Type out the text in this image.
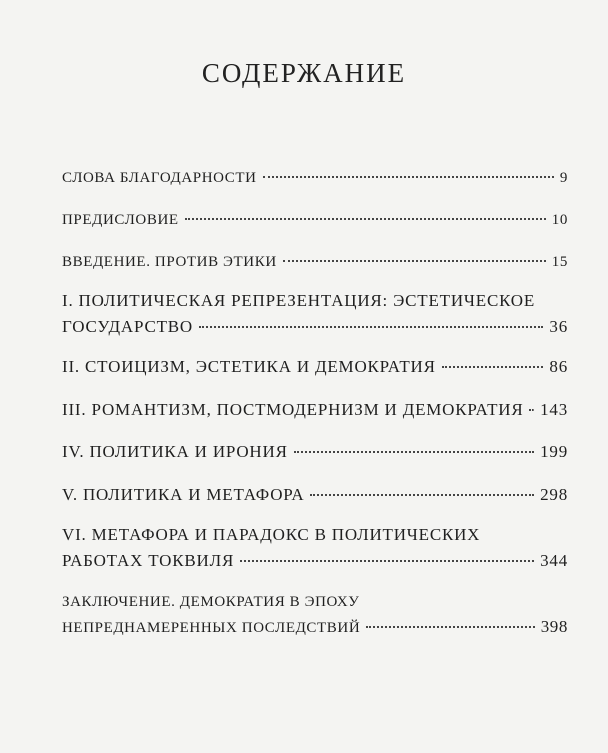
СОДЕРЖАНИЕ
СЛОВА БЛАГОДАРНОСТИ	9
ПРЕДИСЛОВИЕ	10
ВВЕДЕНИЕ. ПРОТИВ ЭТИКИ	15
I. ПОЛИТИЧЕСКАЯ РЕПРЕЗЕНТАЦИЯ: ЭСТЕТИЧЕСКОЕ
ГОСУДАРСТВО	36
II. СТОИЦИЗМ, ЭСТЕТИКА И ДЕМОКРАТИЯ	86
III. РОМАНТИЗМ, ПОСТМОДЕРНИЗМ И ДЕМОКРАТИЯ 143
IV. ПОЛИТИКА И ИРОНИЯ	199
V. ПОЛИТИКА И МЕТАФОРА	298
VI. МЕТАФОРА И ПАРАДОКС В ПОЛИТИЧЕСКИХ
РАБОТАХ ТОКВИЛЯ	344
ЗАКЛЮЧЕНИЕ. ДЕМОКРАТИЯ В ЭПОХУ
НЕПРЕДНАМЕРЕННЫХ ПОСЛЕДСТВИЙ	398
